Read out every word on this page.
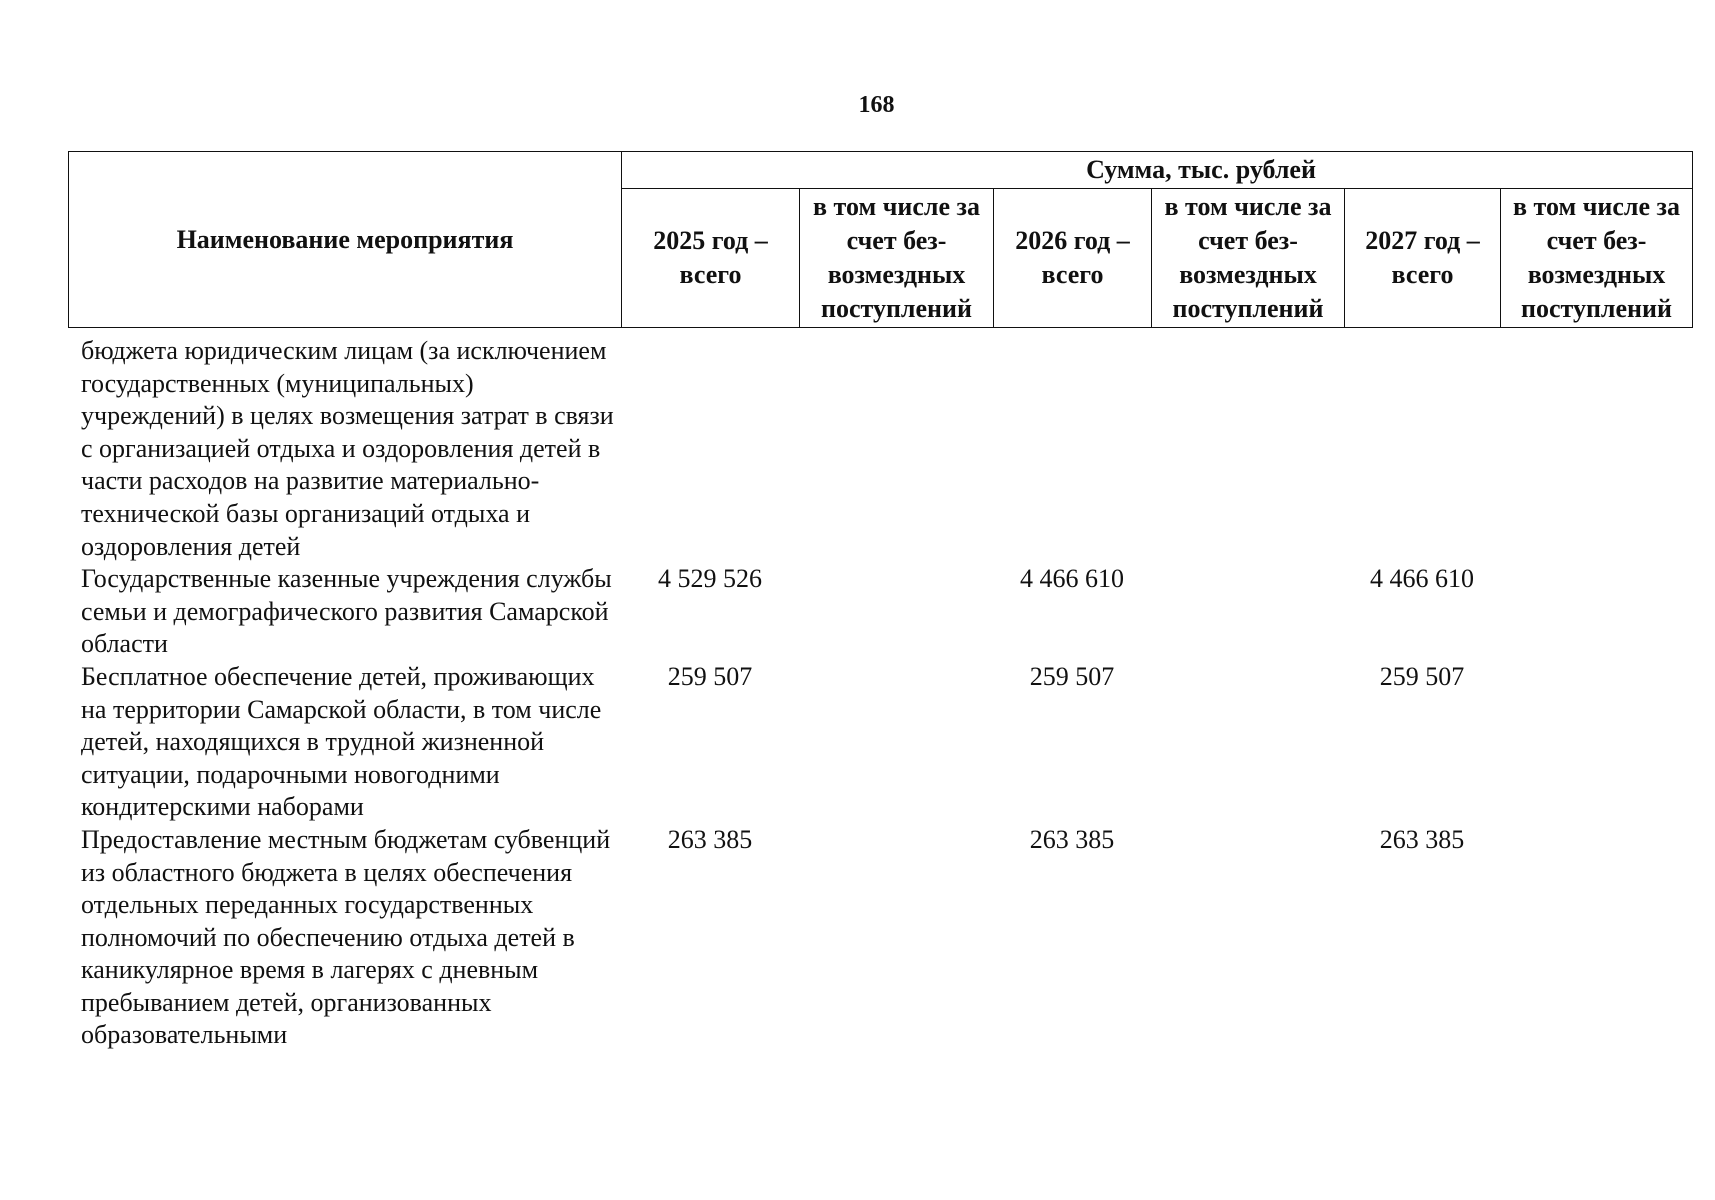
168
Наименование мероприятия	Сумма, тыс. рублей					
	2025 год – всего	в том числе за счет без-возмездных поступлений	2026 год – всего	в том числе за счет без-возмездных поступлений	2027 год – всего	в том числе за счет без-возмездных поступлений
бюджета юридическим лицам (за исключением государственных (муниципальных) учреждений) в целях возмещения затрат в связи с организацией отдыха и оздоровления детей в части расходов на развитие материально-технической базы организаций отдыха и оздоровления детей						
Государственные казенные учреждения службы семьи и демографического развития Самарской области	4 529 526		4 466 610		4 466 610	
Бесплатное обеспечение детей, проживающих на территории Самарской области, в том числе детей, находящихся в трудной жизненной ситуации, подарочными новогодними кондитерскими наборами	259 507		259 507		259 507	
Предоставление местным бюджетам субвенций из областного бюджета в целях обеспечения отдельных переданных государственных полномочий по обеспечению отдыха детей в каникулярное время в лагерях с дневным пребыванием детей, организованных образовательными	263 385		263 385		263 385	
